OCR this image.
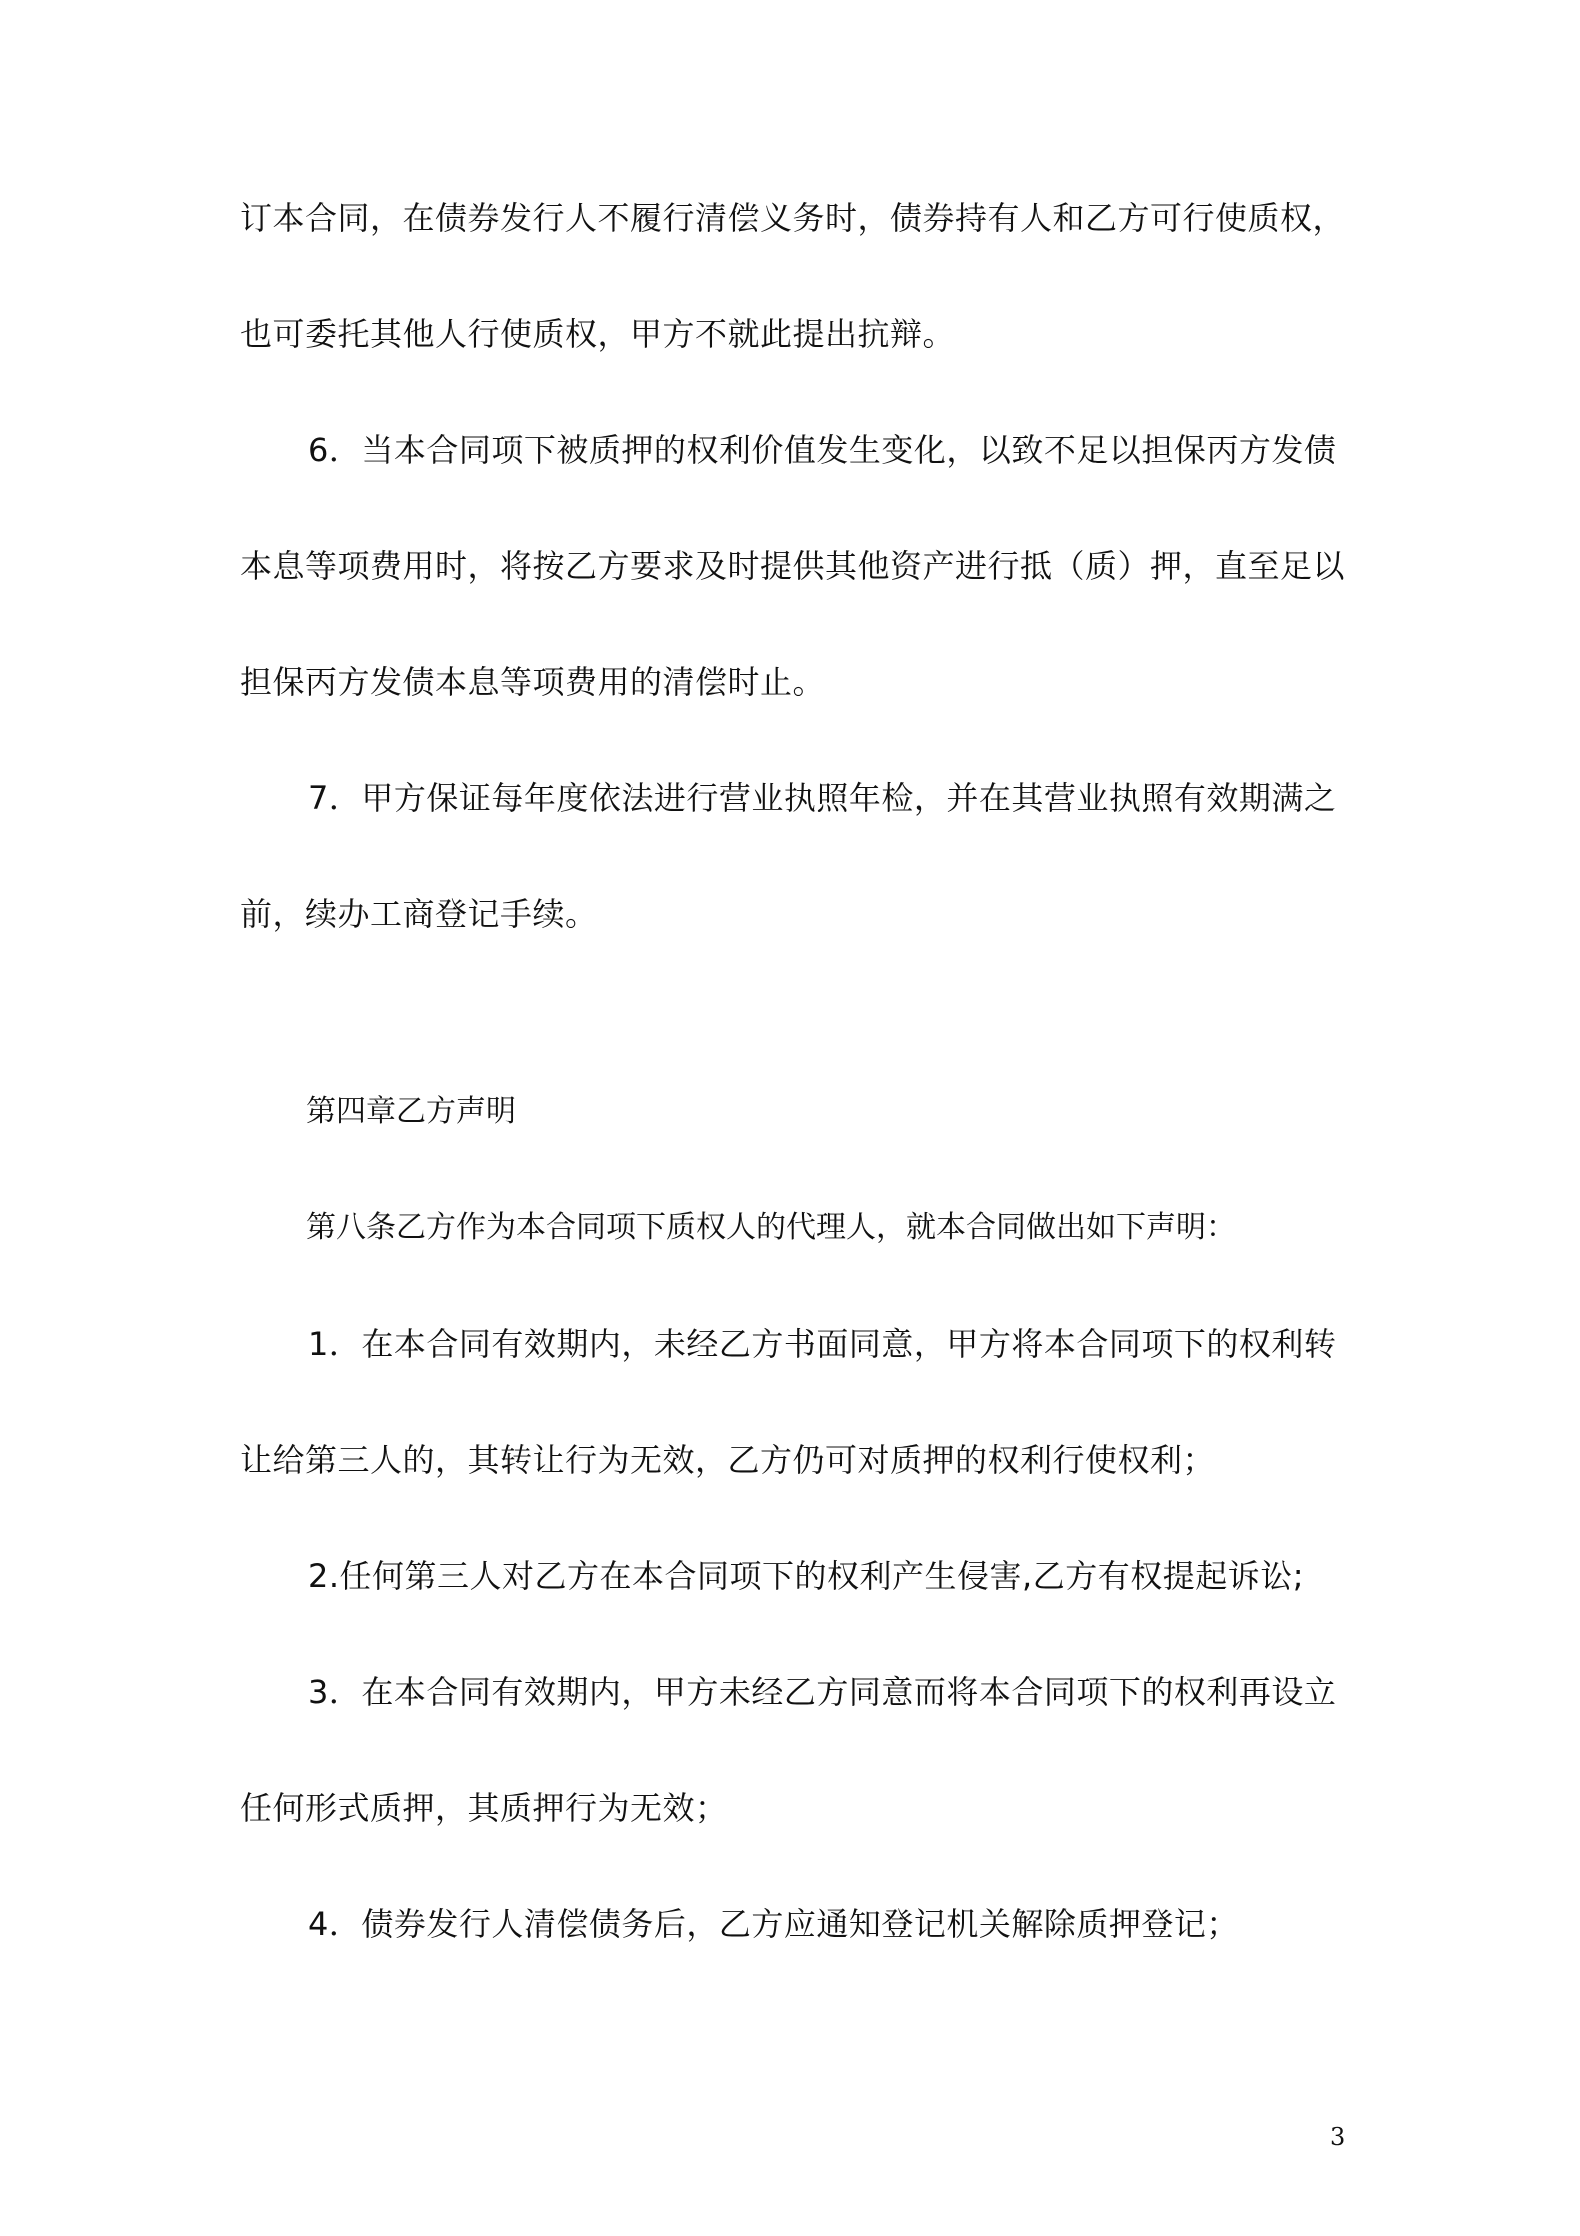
订本合同，在债券发行人不履行清偿义务时，债券持有人和乙方可行使质权，
也可委托其他人行使质权，甲方不就此提出抗辩。
6．当本合同项下被质押的权利价值发生变化，以致不足以担保丙方发债
本息等项费用时，将按乙方要求及时提供其他资产进行抵（质）押，直至足以
担保丙方发债本息等项费用的清偿时止。
7．甲方保证每年度依法进行营业执照年检，并在其营业执照有效期满之
前，续办工商登记手续。
第四章乙方声明
第八条乙方作为本合同项下质权人的代理人，就本合同做出如下声明：
1．在本合同有效期内，未经乙方书面同意，甲方将本合同项下的权利转
让给第三人的，其转让行为无效，乙方仍可对质押的权利行使权利；
2.任何第三人对乙方在本合同项下的权利产生侵害,乙方有权提起诉讼;
3．在本合同有效期内，甲方未经乙方同意而将本合同项下的权利再设立
任何形式质押，其质押行为无效；
4．债券发行人清偿债务后，乙方应通知登记机关解除质押登记；
3
